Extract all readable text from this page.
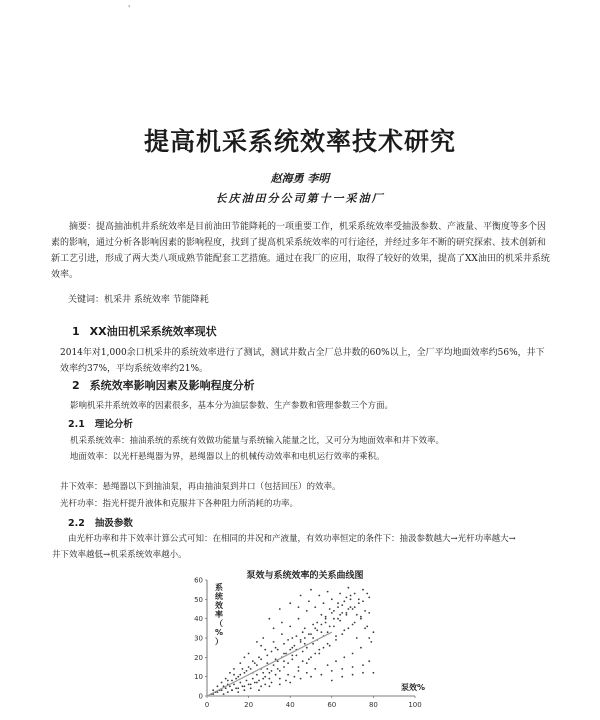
'
提高机采系统效率技术研究
赵海勇 李明
长庆油田分公司第十一采油厂
摘要：提高抽油机井系统效率是目前油田节能降耗的一项重要工作，机采系统效率受抽汲参数、产液量、平衡度等多个因素的影响，通过分析各影响因素的影响程度，找到了提高机采系统效率的可行途径，并经过多年不断的研究探索、技术创新和新工艺引进，形成了两大类八项成熟节能配套工艺措施。通过在我厂的应用，取得了较好的效果，提高了XX油田的机采井系统效率。
关键词：机采井 系统效率 节能降耗
1 XX油田机采系统效率现状
2014年对1,000余口机采井的系统效率进行了测试，测试井数占全厂总井数的60%以上，全厂平均地面效率约56%，井下效率约37%，平均系统效率约21%。
2 系统效率影响因素及影响程度分析
影响机采井系统效率的因素很多，基本分为油层参数、生产参数和管理参数三个方面。
2.1 理论分析
机采系统效率：抽油系统的系统有效做功能量与系统输入能量之比，又可分为地面效率和井下效率。
地面效率：以光杆悬绳器为界，悬绳器以上的机械传动效率和电机运行效率的乘积。
井下效率：悬绳器以下到抽油泵，再由抽油泵到井口（包括回压）的效率。
光杆功率：指光杆提升液体和克服井下各种阻力所消耗的功率。
2.2 抽汲参数
由光杆功率和井下效率计算公式可知：在相同的井况和产液量，有效功率恒定的条件下：抽汲参数越大→光杆功率越大→
井下效率越低→机采系统效率越小。
泵效与系统效率的关系曲线图
系统效率（%）
泵效%
0	20	40	60	80	100
0
10
20
30
40
50
60
